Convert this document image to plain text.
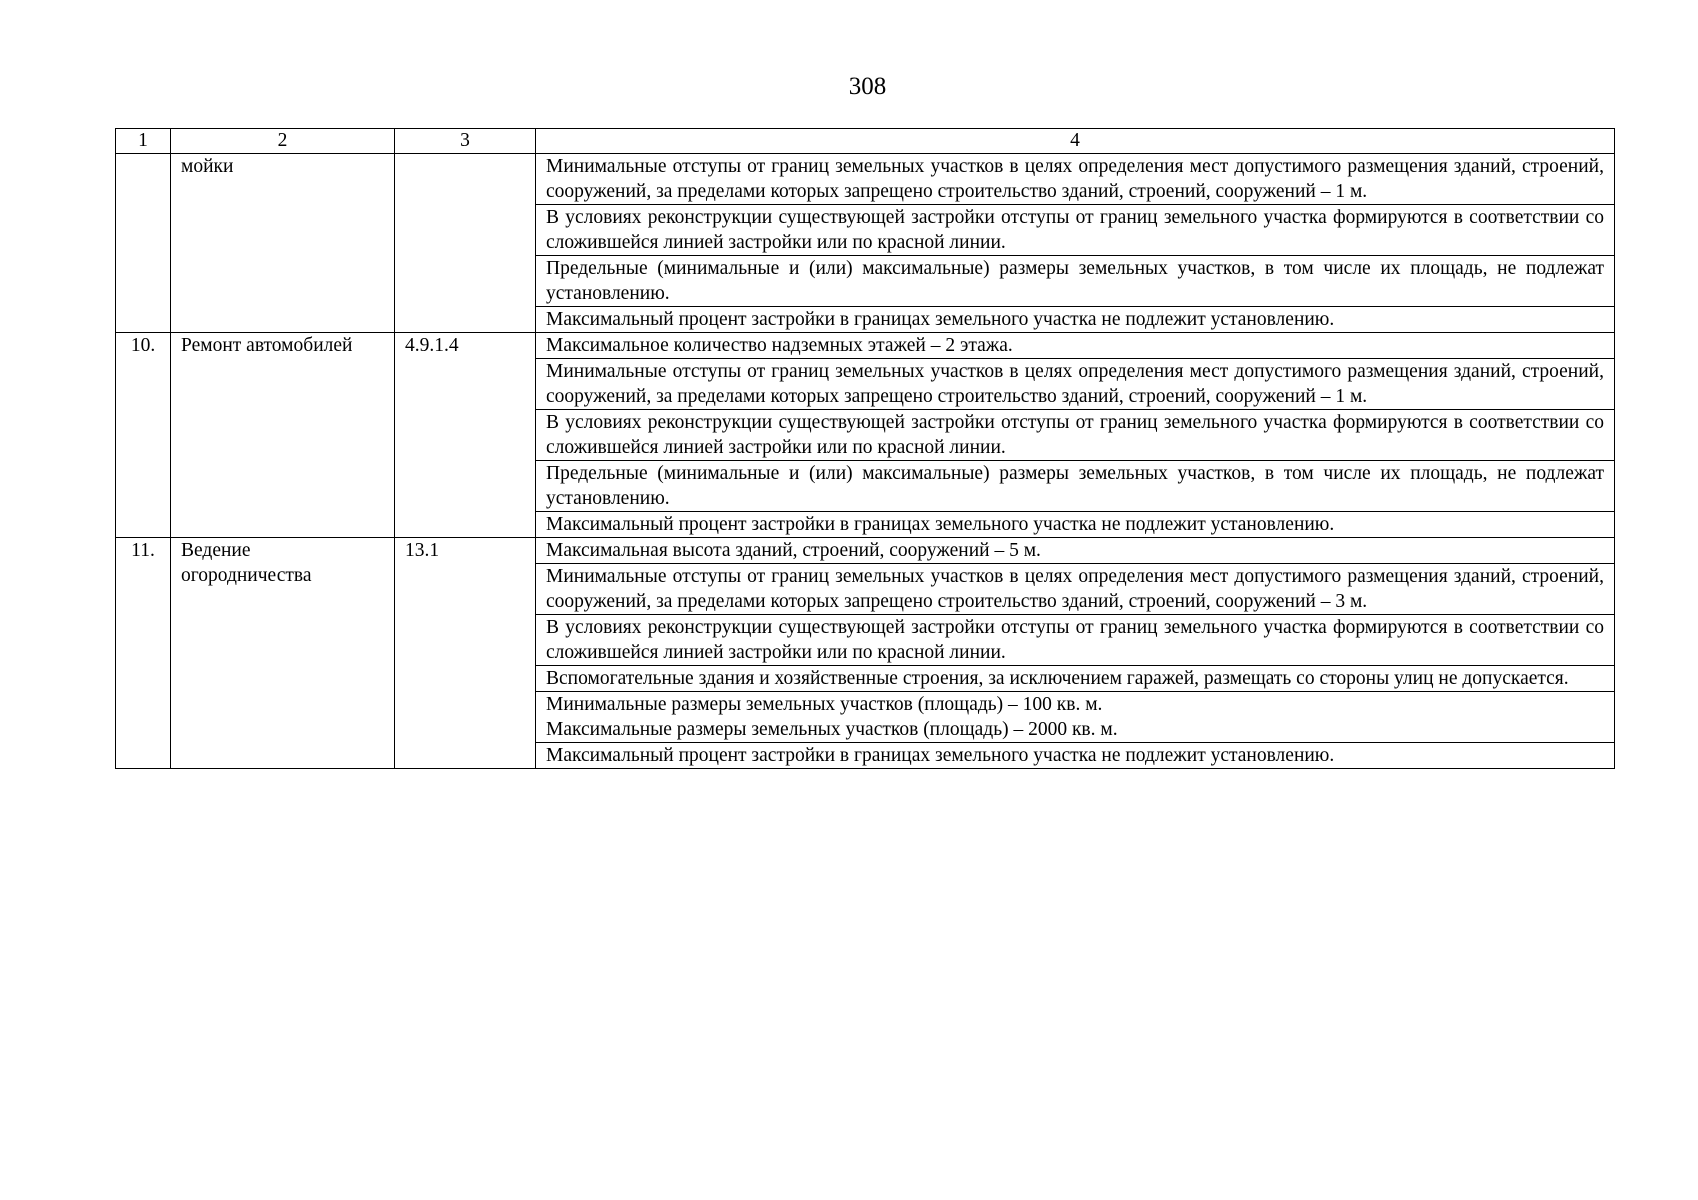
308
1	2	3	4
	мойки		Минимальные отступы от границ земельных участков в целях определения мест допустимого размещения зданий, строений, сооружений, за пределами которых запрещено строительство зданий, строений, сооружений – 1 м.
			В условиях реконструкции существующей застройки отступы от границ земельного участка формируются в соответствии со сложившейся линией застройки или по красной линии.
			Предельные (минимальные и (или) максимальные) размеры земельных участков, в том числе их площадь, не подлежат установлению.
			Максимальный процент застройки в границах земельного участка не подлежит установлению.
10.	Ремонт автомобилей	4.9.1.4	Максимальное количество надземных этажей – 2 этажа.
			Минимальные отступы от границ земельных участков в целях определения мест допустимого размещения зданий, строений, сооружений, за пределами которых запрещено строительство зданий, строений, сооружений – 1 м.
			В условиях реконструкции существующей застройки отступы от границ земельного участка формируются в соответствии со сложившейся линией застройки или по красной линии.
			Предельные (минимальные и (или) максимальные) размеры земельных участков, в том числе их площадь, не подлежат установлению.
			Максимальный процент застройки в границах земельного участка не подлежит установлению.
11.	Ведение огородничества	13.1	Максимальная высота зданий, строений, сооружений – 5 м.
			Минимальные отступы от границ земельных участков в целях определения мест допустимого размещения зданий, строений, сооружений, за пределами которых запрещено строительство зданий, строений, сооружений – 3 м.
			В условиях реконструкции существующей застройки отступы от границ земельного участка формируются в соответствии со сложившейся линией застройки или по красной линии.
			Вспомогательные здания и хозяйственные строения, за исключением гаражей, размещать со стороны улиц не допускается.

			Минимальные размеры земельных участков (площадь) – 100 кв. м.
Максимальные размеры земельных участков (площадь) – 2000 кв. м.

			Максимальный процент застройки в границах земельного участка не подлежит установлению.
